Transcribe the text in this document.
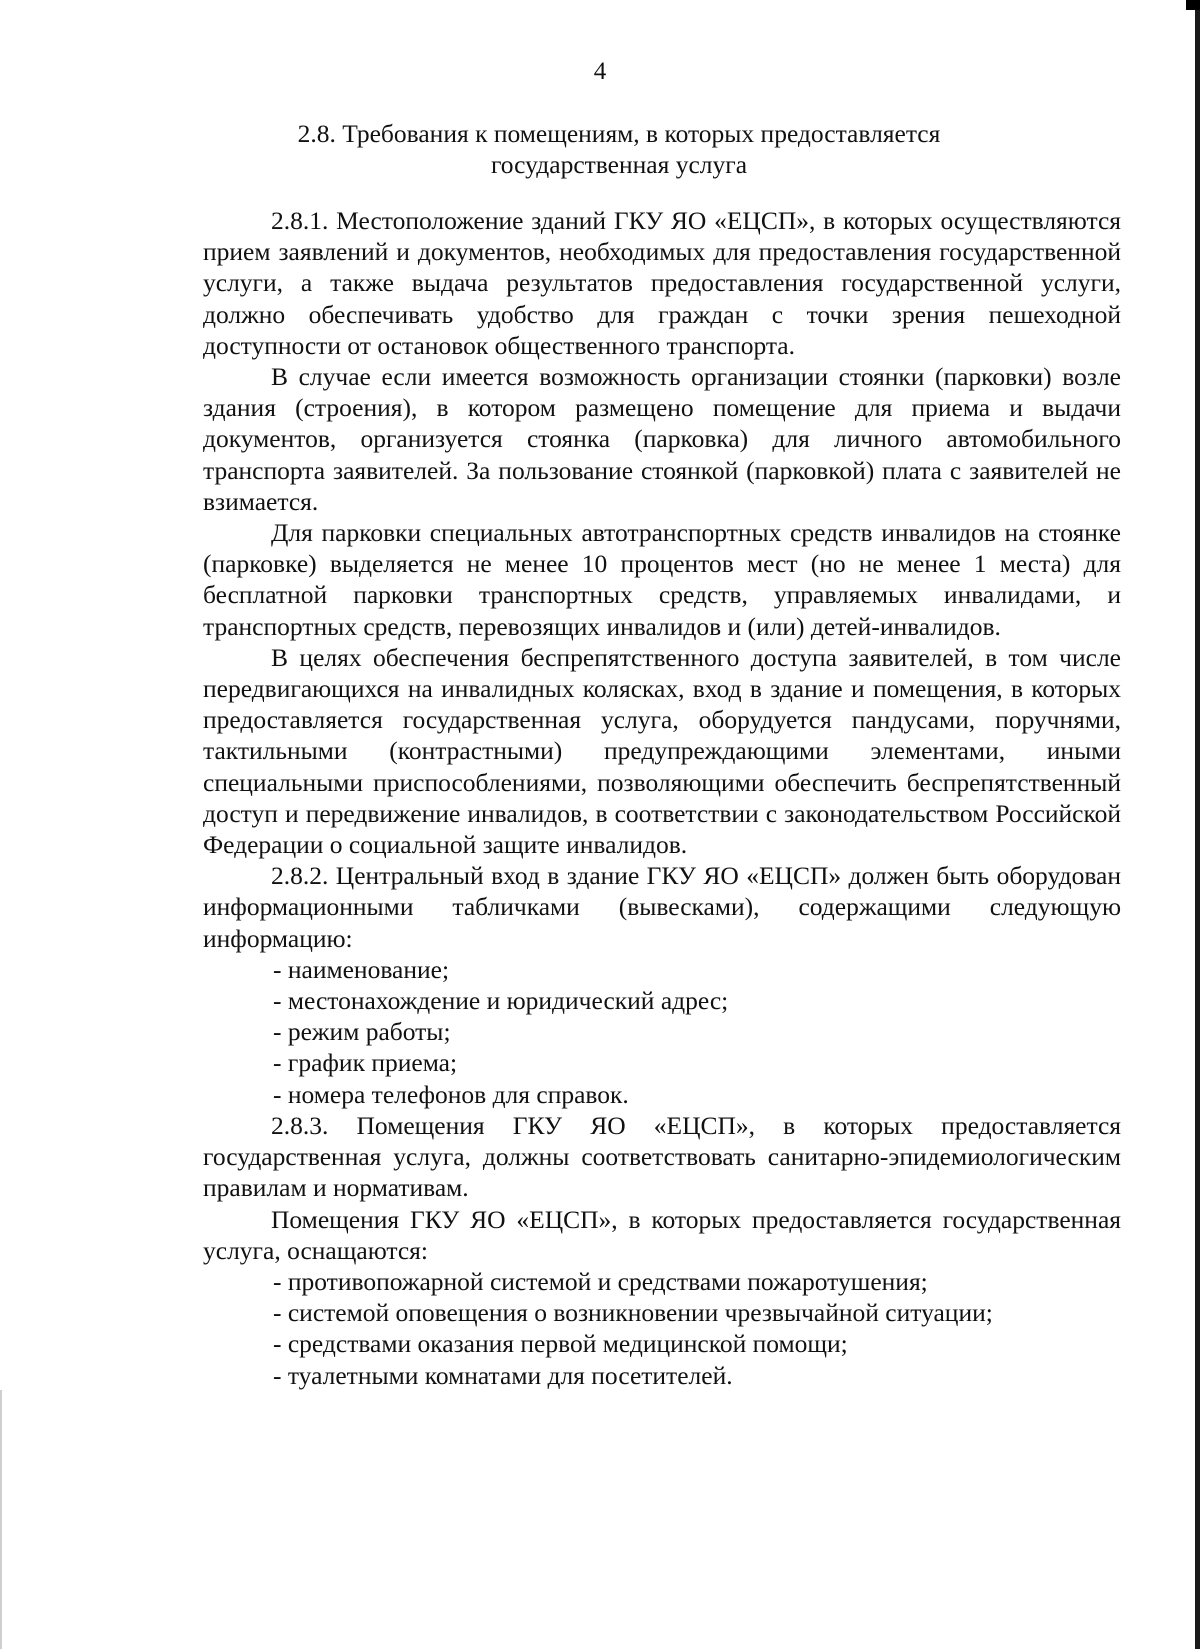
4
2.8. Требования к помещениям, в которых предоставляется
государственная услуга

2.8.1. Местоположение зданий ГКУ ЯО «ЕЦСП», в которых осуществляются прием заявлений и документов, необходимых для предоставления государственной услуги, а также выдача результатов предоставления государственной услуги, должно обеспечивать удобство для граждан с точки зрения пешеходной доступности от остановок общественного транспорта.

В случае если имеется возможность организации стоянки (парковки) возле здания (строения), в котором размещено помещение для приема и выдачи документов, организуется стоянка (парковка) для личного автомобильного транспорта заявителей. За пользование стоянкой (парковкой) плата с заявителей не взимается.

Для парковки специальных автотранспортных средств инвалидов на стоянке (парковке) выделяется не менее 10 процентов мест (но не менее 1 места) для бесплатной парковки транспортных средств, управляемых инвалидами, и транспортных средств, перевозящих инвалидов и (или) детей-инвалидов.

В целях обеспечения беспрепятственного доступа заявителей, в том числе передвигающихся на инвалидных колясках, вход в здание и помещения, в которых предоставляется государственная услуга, оборудуется пандусами, поручнями, тактильными (контрастными) предупреждающими элементами, иными специальными приспособлениями, позволяющими обеспечить беспрепятственный доступ и передвижение инвалидов, в соответствии с законодательством Российской Федерации о социальной защите инвалидов.

2.8.2. Центральный вход в здание ГКУ ЯО «ЕЦСП» должен быть оборудован информационными табличками (вывесками), содержащими следующую информацию:

- наименование;

- местонахождение и юридический адрес;

- режим работы;

- график приема;

- номера телефонов для справок.

2.8.3. Помещения ГКУ ЯО «ЕЦСП», в которых предоставляется государственная услуга, должны соответствовать санитарно-эпидемиологическим правилам и нормативам.

Помещения ГКУ ЯО «ЕЦСП», в которых предоставляется государственная услуга, оснащаются:

- противопожарной системой и средствами пожаротушения;

- системой оповещения о возникновении чрезвычайной ситуации;

- средствами оказания первой медицинской помощи;

- туалетными комнатами для посетителей.
